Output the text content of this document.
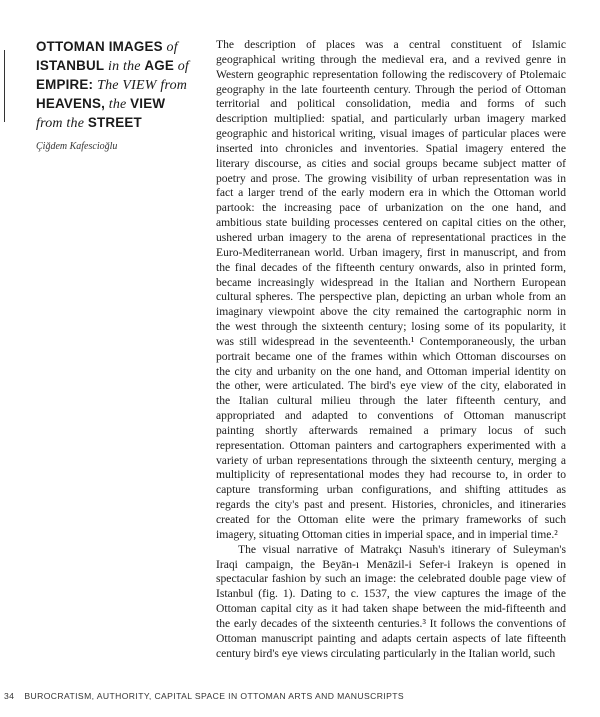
OTTOMAN IMAGES of
ISTANBUL in the AGE of
EMPIRE: The VIEW from
HEAVENS, the VIEW
from the STREET
Çiğdem Kafescioğlu
The description of places was a central constituent of Islamic
geographical writing through the medieval era, and a revived genre in
Western geographic representation following the rediscovery of Ptolemaic
geography in the late fourteenth century. Through the period of Ottoman
territorial and political consolidation, media and forms of such
description multiplied: spatial, and particularly urban imagery marked
geographic and historical writing, visual images of particular places were
inserted into chronicles and inventories. Spatial imagery entered the
literary discourse, as cities and social groups became subject matter of
poetry and prose. The growing visibility of urban representation was in
fact a larger trend of the early modern era in which the Ottoman world
partook: the increasing pace of urbanization on the one hand, and
ambitious state building processes centered on capital cities on the other,
ushered urban imagery to the arena of representational practices in the
Euro-Mediterranean world. Urban imagery, first in manuscript, and from
the final decades of the fifteenth century onwards, also in printed form,
became increasingly widespread in the Italian and Northern European
cultural spheres. The perspective plan, depicting an urban whole from an
imaginary viewpoint above the city remained the cartographic norm in
the west through the sixteenth century; losing some of its popularity, it
was still widespread in the seventeenth.¹ Contemporaneously, the urban
portrait became one of the frames within which Ottoman discourses on
the city and urbanity on the one hand, and Ottoman imperial identity on
the other, were articulated. The bird's eye view of the city, elaborated in
the Italian cultural milieu through the later fifteenth century, and
appropriated and adapted to conventions of Ottoman manuscript
painting shortly afterwards remained a primary locus of such
representation. Ottoman painters and cartographers experimented with a
variety of urban representations through the sixteenth century, merging a
multiplicity of representational modes they had recourse to, in order to
capture transforming urban configurations, and shifting attitudes as
regards the city's past and present. Histories, chronicles, and itineraries
created for the Ottoman elite were the primary frameworks of such
imagery, situating Ottoman cities in imperial space, and in imperial time.²
The visual narrative of Matrakçı Nasuh's itinerary of Suleyman's
Iraqi campaign, the Beyān-ı Menāzil-i Sefer-i Irakeyn is opened in
spectacular fashion by such an image: the celebrated double page view of
Istanbul (fig. 1). Dating to c. 1537, the view captures the image of the
Ottoman capital city as it had taken shape between the mid-fifteenth and
the early decades of the sixteenth centuries.³ It follows the conventions of
Ottoman manuscript painting and adapts certain aspects of late fifteenth
century bird's eye views circulating particularly in the Italian world, such
34 BUROCRATISM, AUTHORITY, CAPITAL SPACE IN OTTOMAN ARTS AND MANUSCRIPTS
